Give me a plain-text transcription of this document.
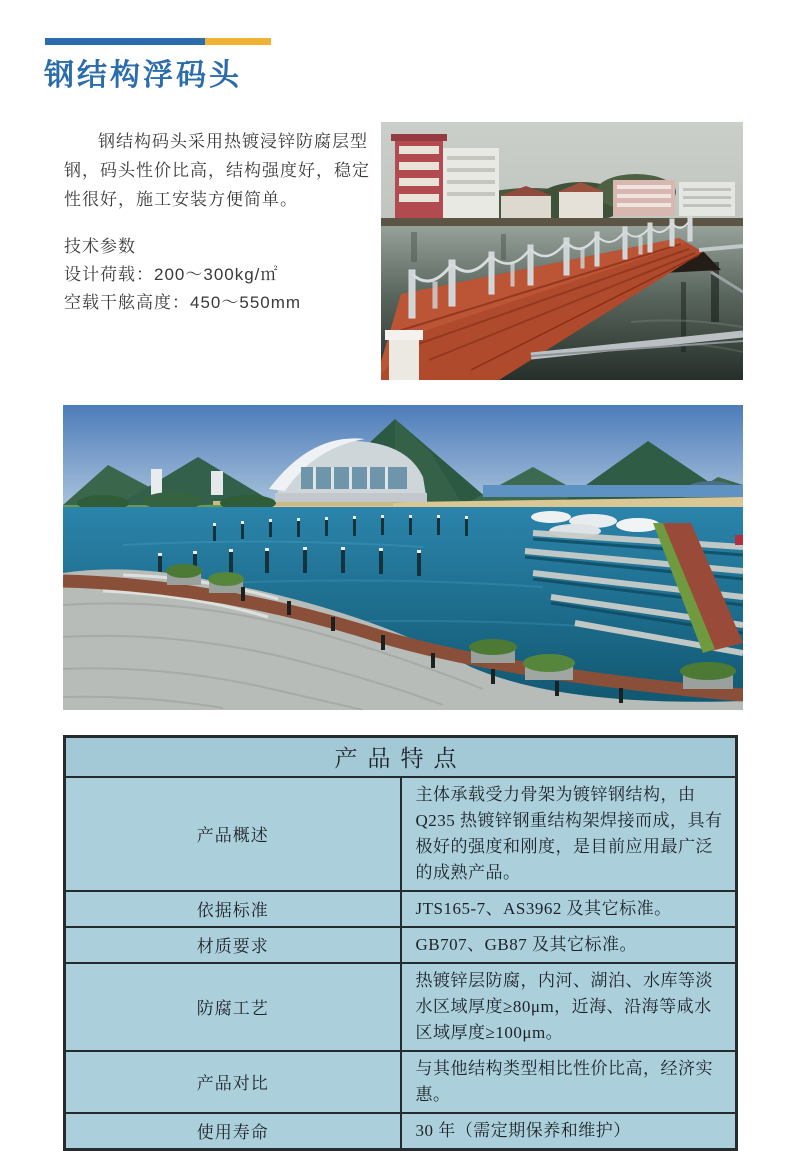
钢结构浮码头
钢结构码头采用热镀浸锌防腐层型
钢，码头性价比高，结构强度好，稳定
性很好，施工安装方便简单。
技术参数
设计荷载：200～300kg/㎡
空载干舷高度：450～550mm
产品特点	
产品概述	主体承载受力骨架为镀锌钢结构，由 Q235 热镀锌钢重结构架焊接而成，具有极好的强度和刚度，是目前应用最广泛的成熟产品。
依据标准	JTS165-7、AS3962 及其它标准。
材质要求	GB707、GB87 及其它标准。
防腐工艺	热镀锌层防腐，内河、湖泊、水库等淡水区域厚度≥80μm，近海、沿海等咸水区域厚度≥100μm。
产品对比	与其他结构类型相比性价比高，经济实惠。
使用寿命	30 年（需定期保养和维护）
